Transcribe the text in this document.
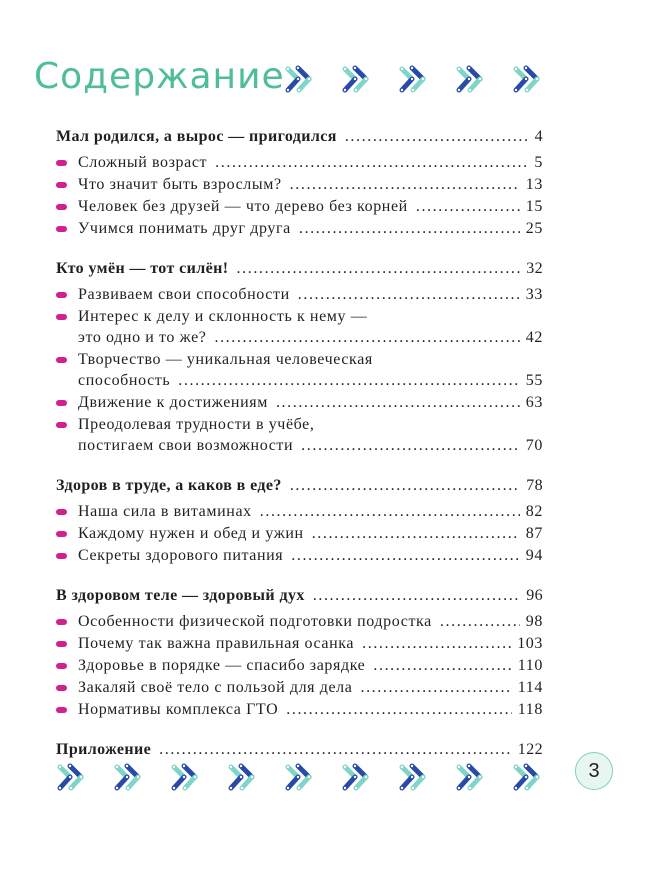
Содержание
Мал родился, а вырос — пригодился .....	4
Сложный возраст .....	5
Что значит быть взрослым? .....	13
Человек без друзей — что дерево без корней .....	15
Учимся понимать друг друга .....	25
Кто умён — тот силён! .....	32
Развиваем свои способности .....	33
Интерес к делу и склонность к нему —
это одно и то же? .....	42
Творчество — уникальная человеческая
способность .....	55
Движение к достижениям .....	63
Преодолевая трудности в учёбе,
постигаем свои возможности .....	70
Здоров в труде, а каков в еде? .....	78
Наша сила в витаминах .....	82
Каждому нужен и обед и ужин .....	87
Секреты здорового питания .....	94
В здоровом теле — здоровый дух .....	96
Особенности физической подготовки подростка .....	98
Почему так важна правильная осанка .....	103
Здоровье в порядке — спасибо зарядке .....	110
Закаляй своё тело с пользой для дела .....	114
Нормативы комплекса ГТО .....	118
Приложение .....	122
3
